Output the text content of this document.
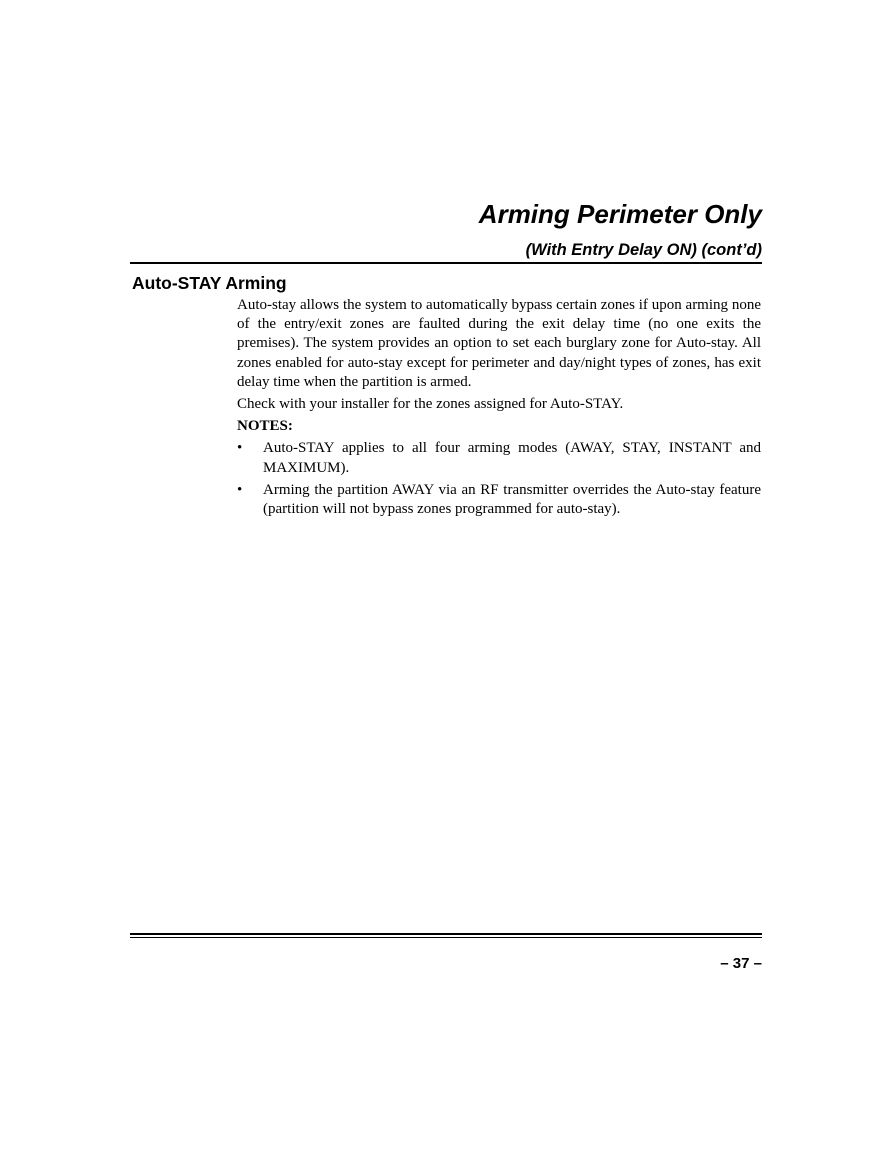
Arming Perimeter Only
(With Entry Delay ON) (cont’d)
Auto-STAY Arming

Auto-stay allows the system to automatically bypass certain zones if upon arming none of the entry/exit zones are faulted during the exit delay time (no one exits the premises). The system provides an option to set each burglary zone for Auto-stay. All zones enabled for auto-stay except for perimeter and day/night types of zones, has exit delay time when the partition is armed.

Check with your installer for the zones assigned for Auto-STAY.

NOTES:

• Auto-STAY applies to all four arming modes (AWAY, STAY, INSTANT and MAXIMUM).
• Arming the partition AWAY via an RF transmitter overrides the Auto-stay feature (partition will not bypass zones programmed for auto-stay).
– 37 –
